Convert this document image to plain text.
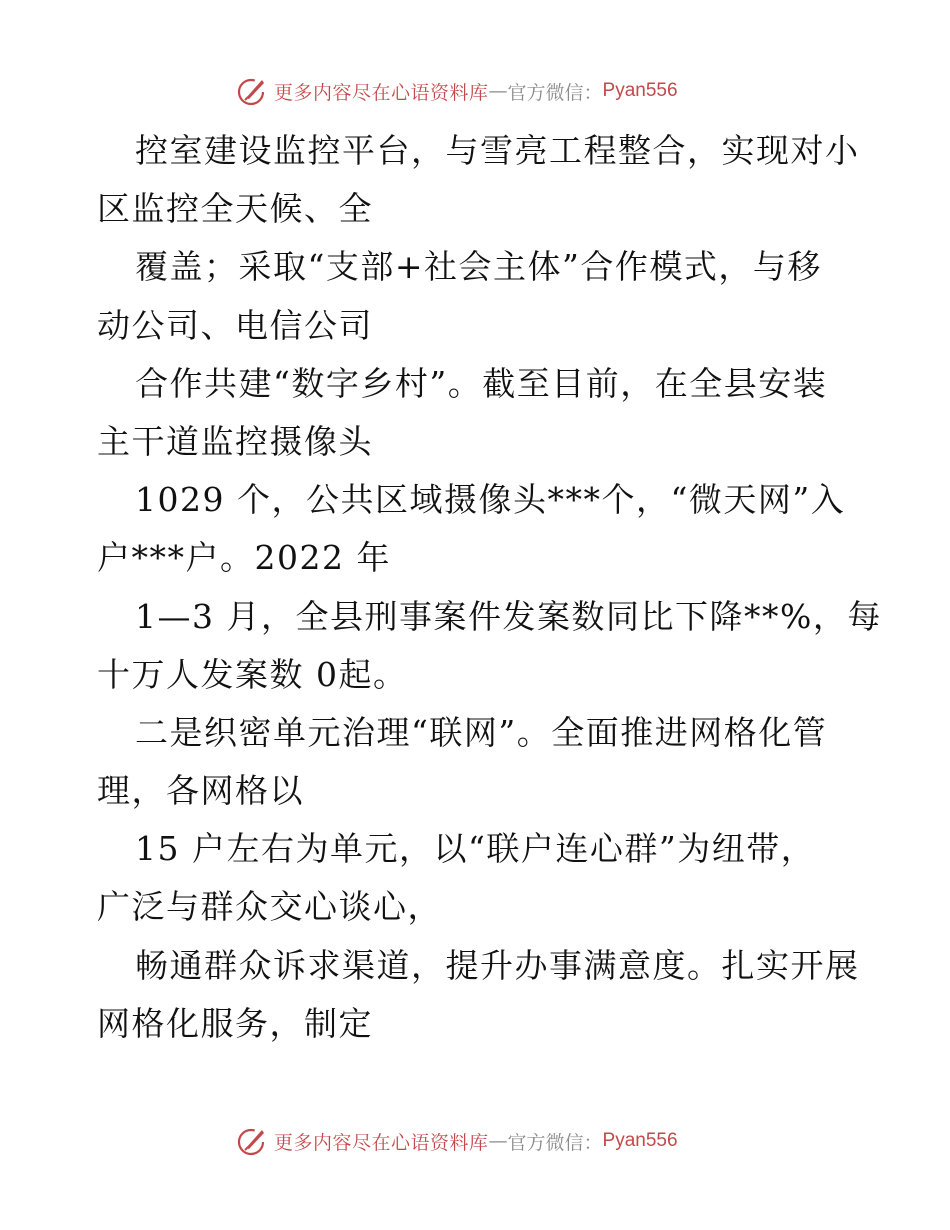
更多内容尽在心语资料库 — 官方微信： Pyan556
控室建设监控平台，与雪亮工程整合，实现对小
区监控全天候、全
覆盖；采取“支部+社会主体”合作模式，与移
动公司、电信公司
合作共建“数字乡村”。截至目前，在全县安装
主干道监控摄像头
1029 个，公共区域摄像头***个，“微天网”入
户***户。2022 年
1—3 月，全县刑事案件发案数同比下降**%，每
十万人发案数 0起。
二是织密单元治理“联网”。全面推进网格化管
理，各网格以
15 户左右为单元，以“联户连心群”为纽带，
广泛与群众交心谈心，
畅通群众诉求渠道，提升办事满意度。扎实开展
网格化服务，制定
更多内容尽在心语资料库 — 官方微信： Pyan556
